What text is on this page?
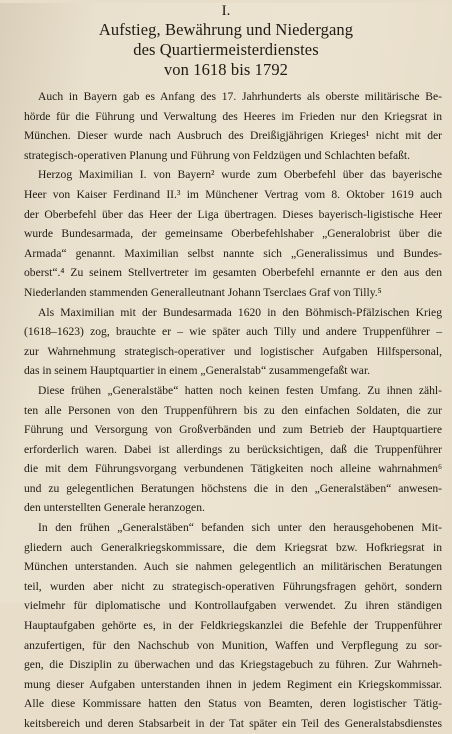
I.

Aufstieg, Bewährung und Niedergang

des Quartiermeisterdienstes

von 1618 bis 1792

Auch in Bayern gab es Anfang des 17. Jahrhunderts als oberste militärische Be-
hörde für die Führung und Verwaltung des Heeres im Frieden nur den Kriegsrat in
München. Dieser wurde nach Ausbruch des Dreißigjährigen Krieges¹ nicht mit der
strategisch-operativen Planung und Führung von Feldzügen und Schlachten befaßt.
Herzog Maximilian I. von Bayern² wurde zum Oberbefehl über das bayerische
Heer von Kaiser Ferdinand II.³ im Münchener Vertrag vom 8. Oktober 1619 auch
der Oberbefehl über das Heer der Liga übertragen. Dieses bayerisch-ligistische Heer
wurde Bundesarmada, der gemeinsame Oberbefehlshaber „Generalobrist über die
Armada“ genannt. Maximilian selbst nannte sich „Generalissimus und Bundes-
oberst“.⁴ Zu seinem Stellvertreter im gesamten Oberbefehl ernannte er den aus den
Niederlanden stammenden Generalleutnant Johann Tserclaes Graf von Tilly.⁵
Als Maximilian mit der Bundesarmada 1620 in den Böhmisch-Pfälzischen Krieg
(1618–1623) zog, brauchte er – wie später auch Tilly und andere Truppenführer –
zur Wahrnehmung strategisch-operativer und logistischer Aufgaben Hilfspersonal,
das in seinem Hauptquartier in einem „Generalstab“ zusammengefaßt war.
Diese frühen „Generalstäbe“ hatten noch keinen festen Umfang. Zu ihnen zähl-
ten alle Personen von den Truppenführern bis zu den einfachen Soldaten, die zur
Führung und Versorgung von Großverbänden und zum Betrieb der Hauptquartiere
erforderlich waren. Dabei ist allerdings zu berücksichtigen, daß die Truppenführer
die mit dem Führungsvorgang verbundenen Tätigkeiten noch alleine wahrnahmen⁶
und zu gelegentlichen Beratungen höchstens die in den „Generalstäben“ anwesen-
den unterstellten Generale heranzogen.
In den frühen „Generalstäben“ befanden sich unter den herausgehobenen Mit-
gliedern auch Generalkriegskommissare, die dem Kriegsrat bzw. Hofkriegsrat in
München unterstanden. Auch sie nahmen gelegentlich an militärischen Beratungen
teil, wurden aber nicht zu strategisch-operativen Führungsfragen gehört, sondern
vielmehr für diplomatische und Kontrollaufgaben verwendet. Zu ihren ständigen
Hauptaufgaben gehörte es, in der Feldkriegskanzlei die Befehle der Truppenführer
anzufertigen, für den Nachschub von Munition, Waffen und Verpflegung zu sor-
gen, die Disziplin zu überwachen und das Kriegstagebuch zu führen. Zur Wahrneh-
mung dieser Aufgaben unterstanden ihnen in jedem Regiment ein Kriegskommissar.
Alle diese Kommissare hatten den Status von Beamten, deren logistischer Tätig-
keitsbereich und deren Stabsarbeit in der Tat später ein Teil des Generalstabsdienstes
